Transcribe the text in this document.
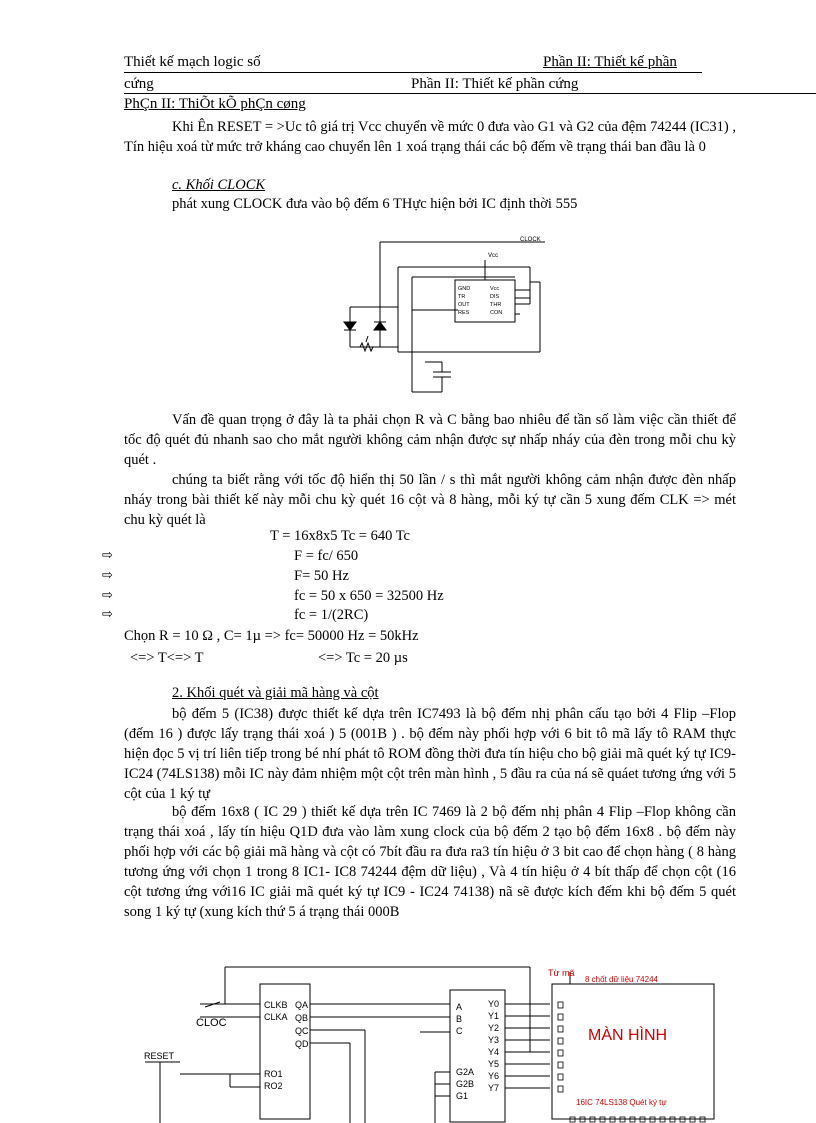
Thiết kế mạch logic số	Phần II: Thiết kế phần
cứng	Phần II: Thiết kế phần cứng
PhÇn II: ThiÕt kÕ phÇn cøng
Khi Ên RESET = >Uc tô giá trị Vcc chuyển về mức 0 đưa vào G1 và G2 của đệm 74244 (IC31) , Tín hiệu xoá từ mức trở kháng cao chuyển lên 1 xoá trạng thái các bộ đếm về trạng thái ban đầu là 0
c. Khối CLOCK
phát xung CLOCK đưa vào bộ đếm 6 THực hiện bởi IC định thời 555
CLOCK
Vcc
GND
TR
OUT
RES
Vcc
DIS
THR
CON
Vấn đề quan trọng ở đây là ta phải chọn R và C bằng bao nhiêu để tần số làm việc cần thiết để tốc độ quét đủ nhanh sao cho mắt người không cảm nhận được sự nhấp nháy của đèn trong mỗi chu kỳ quét .
chúng ta biết rằng với tốc độ hiển thị 50 lần / s thì mắt người không cảm nhận được đèn nhấp nháy trong bài thiết kế này mỗi chu kỳ quét 16 cột và 8 hàng, mỗi ký tự cần 5 xung đếm CLK => mét chu kỳ quét là
T = 16x8x5 Tc = 640 Tc
⇨	F = fc/ 650
⇨	F= 50 Hz
⇨	fc = 50 x 650 = 32500 Hz
⇨	fc = 1/(2RC)
Chọn R = 10 Ω , C= 1µ => fc= 50000 Hz = 50kHz
<=> T<=> T	<=> Tc = 20 µs
2. Khối quét và giải mã hàng và cột
bộ đếm 5 (IC38) được thiết kế dựa trên IC7493 là bộ đếm nhị phân cấu tạo bởi 4 Flip –Flop (đếm 16 ) được lấy trạng thái xoá ) 5 (001B ) . bộ đếm này phối hợp với 6 bit tô mã lấy tô RAM thực hiện đọc 5 vị trí liên tiếp trong bé nhí phát tô ROM đồng thời đưa tín hiệu cho bộ giải mã quét ký tự IC9- IC24 (74LS138) mỗi IC này đảm nhiệm một cột trên màn hình , 5 đầu ra của ná sẽ quáet tương ứng với 5 cột của 1 ký tự
bộ đếm 16x8 ( IC 29 ) thiết kế dựa trên IC 7469 là 2 bộ đếm nhị phân 4 Flip –Flop không cần trạng thái xoá , lấy tín hiệu Q1D đưa vào làm xung clock của bộ đếm 2 tạo bộ đếm 16x8 . bộ đếm này phối hợp với các bộ giải mã hàng và cột có 7bít đầu ra đưa ra3 tín hiệu ở 3 bit cao để chọn hàng ( 8 hàng tương ứng với chọn 1 trong 8 IC1- IC8 74244 đệm dữ liệu) , Và 4 tín hiệu ở 4 bít thấp để chọn cột (16 cột tương ứng với16 IC giải mã quét ký tự IC9 - IC24 74138) nã sẽ được kích đếm khi bộ đếm 5 quét song 1 ký tự (xung kích thứ 5 á trạng thái 000B
CLOC
RESET
CLKB
CLKA
RO1
RO2
QA
QB
QC
QD
A
B
C
G2A
G2B
G1
Y0
Y1
Y2
Y3
Y4
Y5
Y6
Y7
Từ mã
8 chốt dữ liệu 74244
MÀN HÌNH
16IC 74LS138 Quét ký tự
